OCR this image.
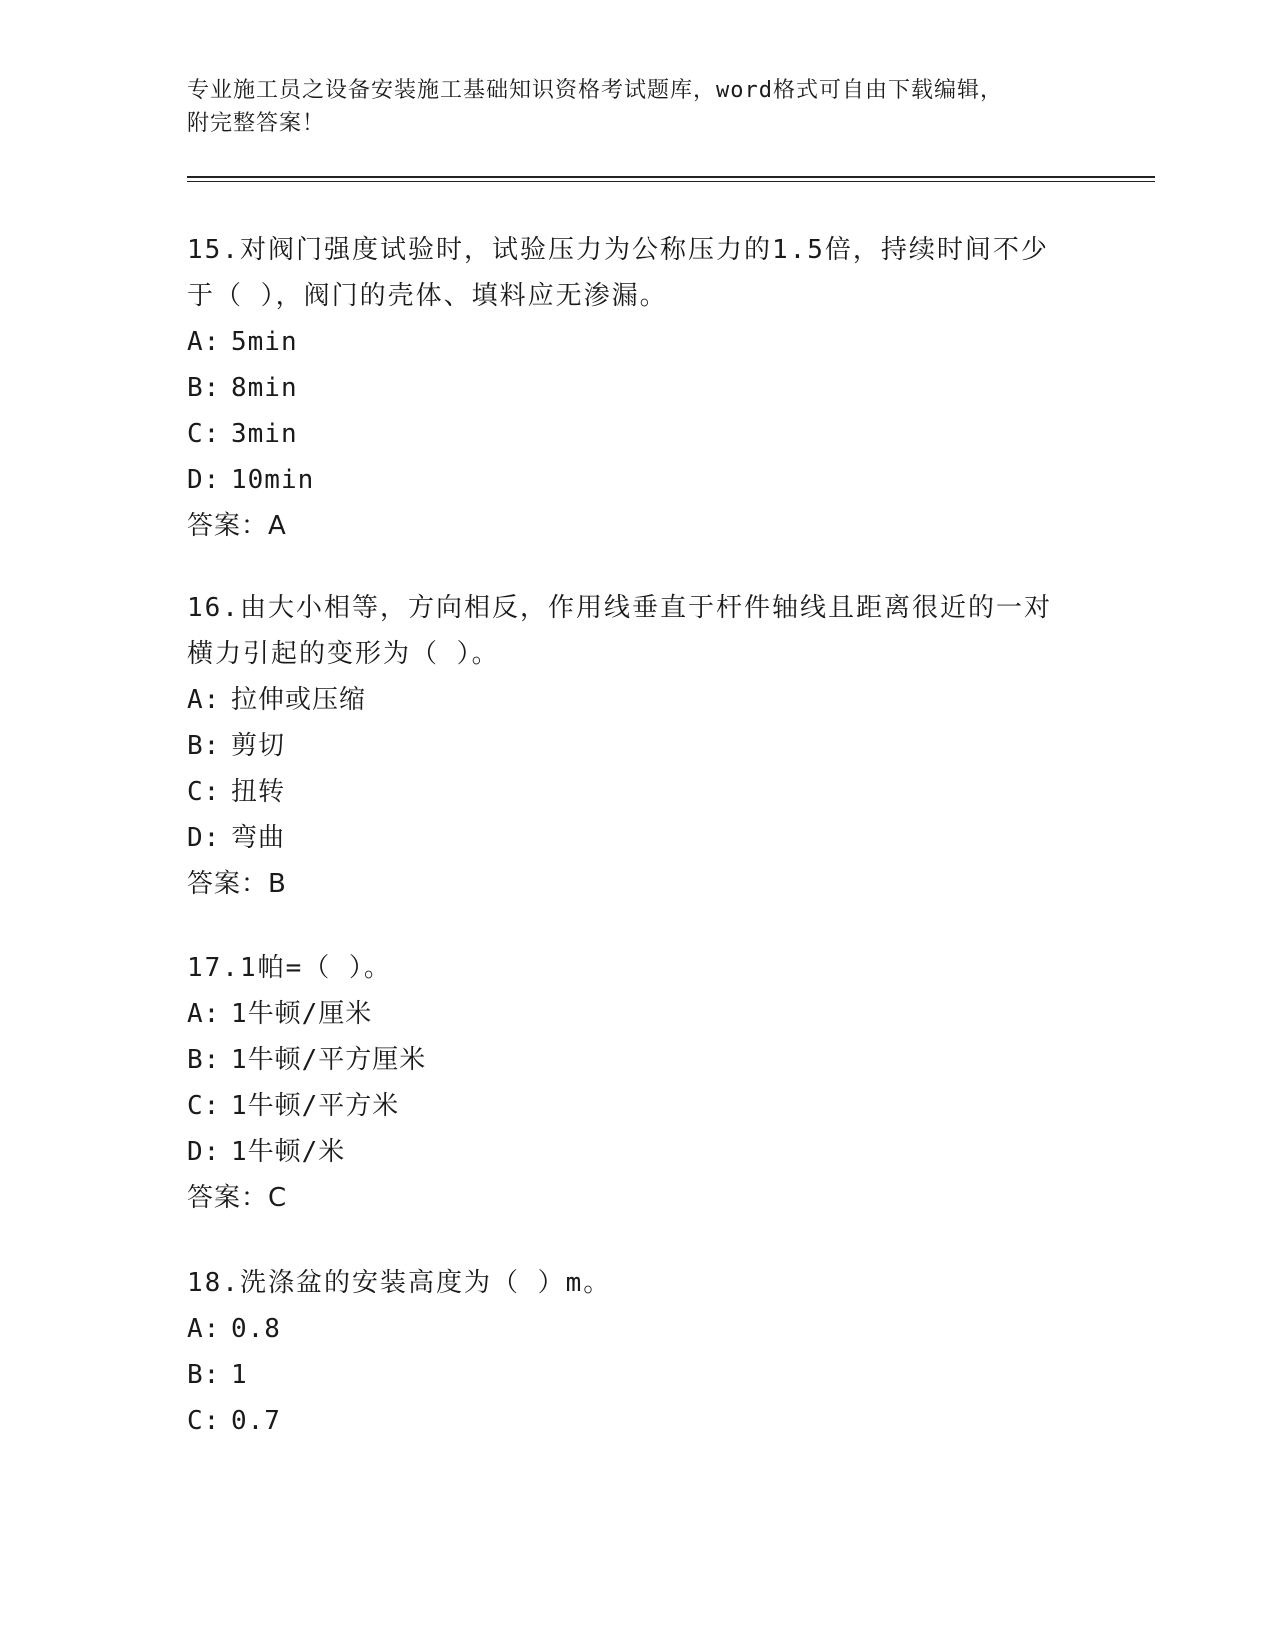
专业施工员之设备安装施工基础知识资格考试题库，word格式可自由下载编辑，
附完整答案！

15.对阀门强度试验时，试验压力为公称压力的1.5倍，持续时间不少

于（ ），阀门的壳体、填料应无渗漏。

A: 5min

B: 8min

C: 3min

D: 10min

答案：A

16.由大小相等，方向相反，作用线垂直于杆件轴线且距离很近的一对

横力引起的变形为（ ）。

A: 拉伸或压缩

B: 剪切

C: 扭转

D: 弯曲

答案：B

17.1帕=（ ）。

A: 1牛顿/厘米

B: 1牛顿/平方厘米

C: 1牛顿/平方米

D: 1牛顿/米

答案：C

18.洗涤盆的安装高度为（ ）m。

A: 0.8

B: 1

C: 0.7
